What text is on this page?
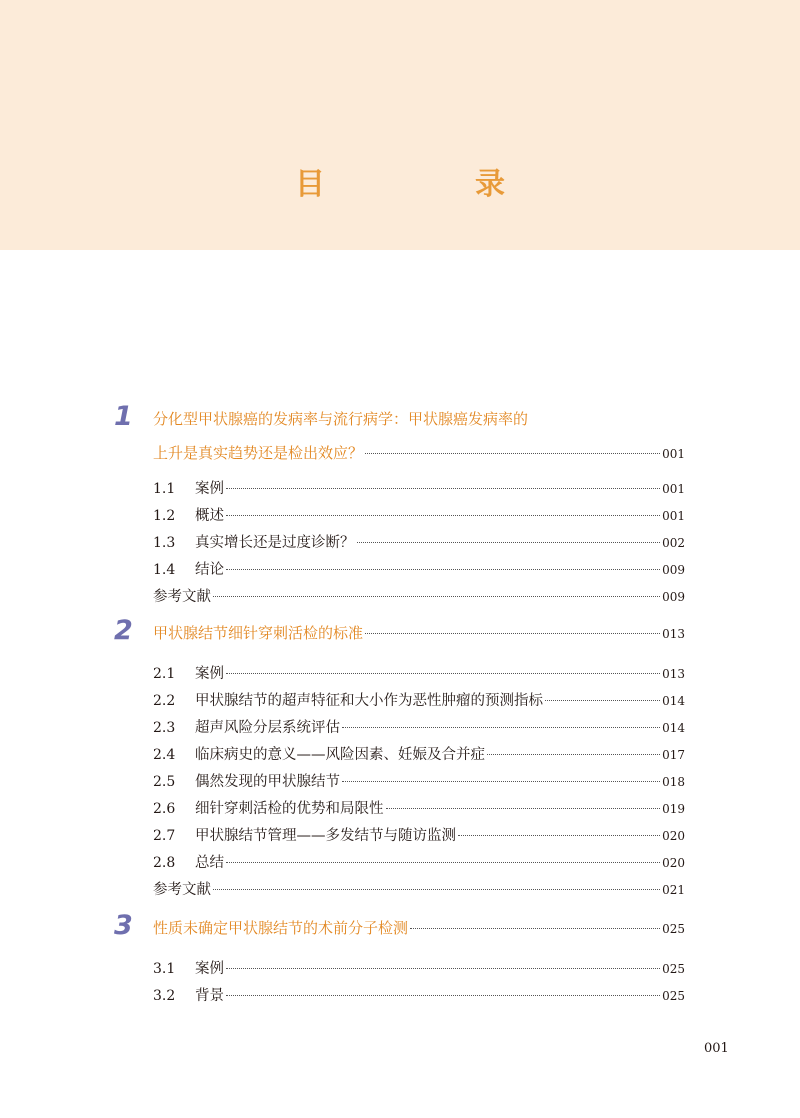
目　录
1	分化型甲状腺癌的发病率与流行病学：甲状腺癌发病率的
上升是真实趋势还是检出效应？	001
1.1	案例	001
1.2	概述	001
1.3	真实增长还是过度诊断？	002
1.4	结论	009
参考文献	009
2	甲状腺结节细针穿刺活检的标准	013
2.1	案例	013
2.2	甲状腺结节的超声特征和大小作为恶性肿瘤的预测指标	014
2.3	超声风险分层系统评估	014
2.4	临床病史的意义——风险因素、妊娠及合并症	017
2.5	偶然发现的甲状腺结节	018
2.6	细针穿刺活检的优势和局限性	019
2.7	甲状腺结节管理——多发结节与随访监测	020
2.8	总结	020
参考文献	021
3	性质未确定甲状腺结节的术前分子检测	025
3.1	案例	025
3.2	背景	025
001
